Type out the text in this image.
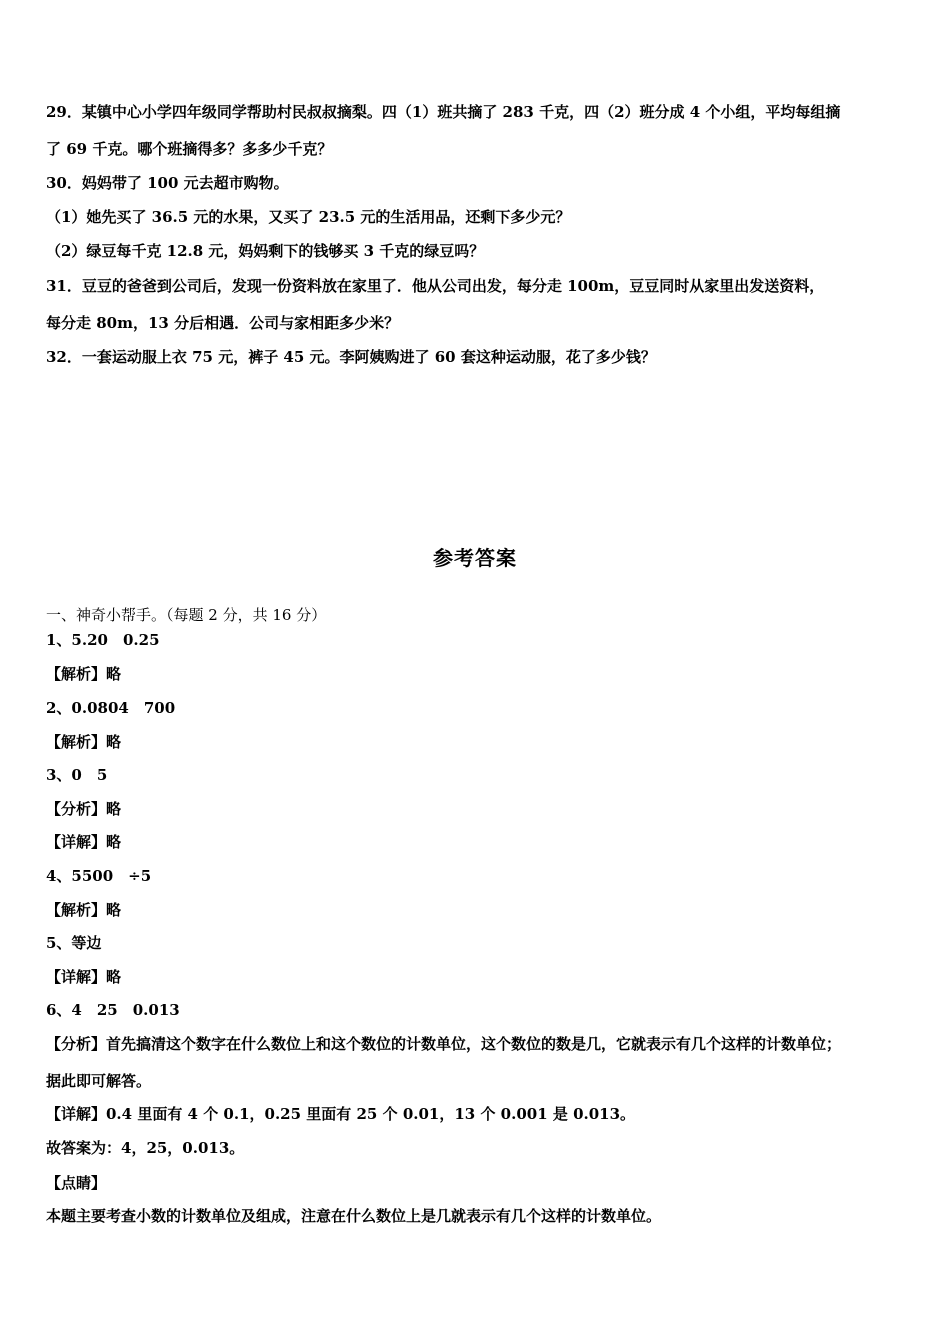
29．某镇中心小学四年级同学帮助村民叔叔摘梨。四（1）班共摘了 283 千克，四（2）班分成 4 个小组，平均每组摘
了 69 千克。哪个班摘得多？多多少千克？
30．妈妈带了 100 元去超市购物。
（1）她先买了 36.5 元的水果，又买了 23.5 元的生活用品，还剩下多少元？
（2）绿豆每千克 12.8 元，妈妈剩下的钱够买 3 千克的绿豆吗？
31．豆豆的爸爸到公司后，发现一份资料放在家里了．他从公司出发，每分走 100m，豆豆同时从家里出发送资料，
每分走 80m，13 分后相遇．公司与家相距多少米？
32．一套运动服上衣 75 元，裤子 45 元。李阿姨购进了 60 套这种运动服，花了多少钱？
参考答案
一、神奇小帮手。（每题 2 分，共 16 分）
1、5.20　0.25
【解析】略
2、0.0804　700
【解析】略
3、0　5
【分析】略
【详解】略
4、5500　÷5
【解析】略
5、等边
【详解】略
6、4　25　0.013
【分析】首先搞清这个数字在什么数位上和这个数位的计数单位，这个数位的数是几，它就表示有几个这样的计数单位；
据此即可解答。
【详解】0.4 里面有 4 个 0.1，0.25 里面有 25 个 0.01，13 个 0.001 是 0.013。
故答案为：4，25，0.013。
【点睛】
本题主要考查小数的计数单位及组成，注意在什么数位上是几就表示有几个这样的计数单位。
